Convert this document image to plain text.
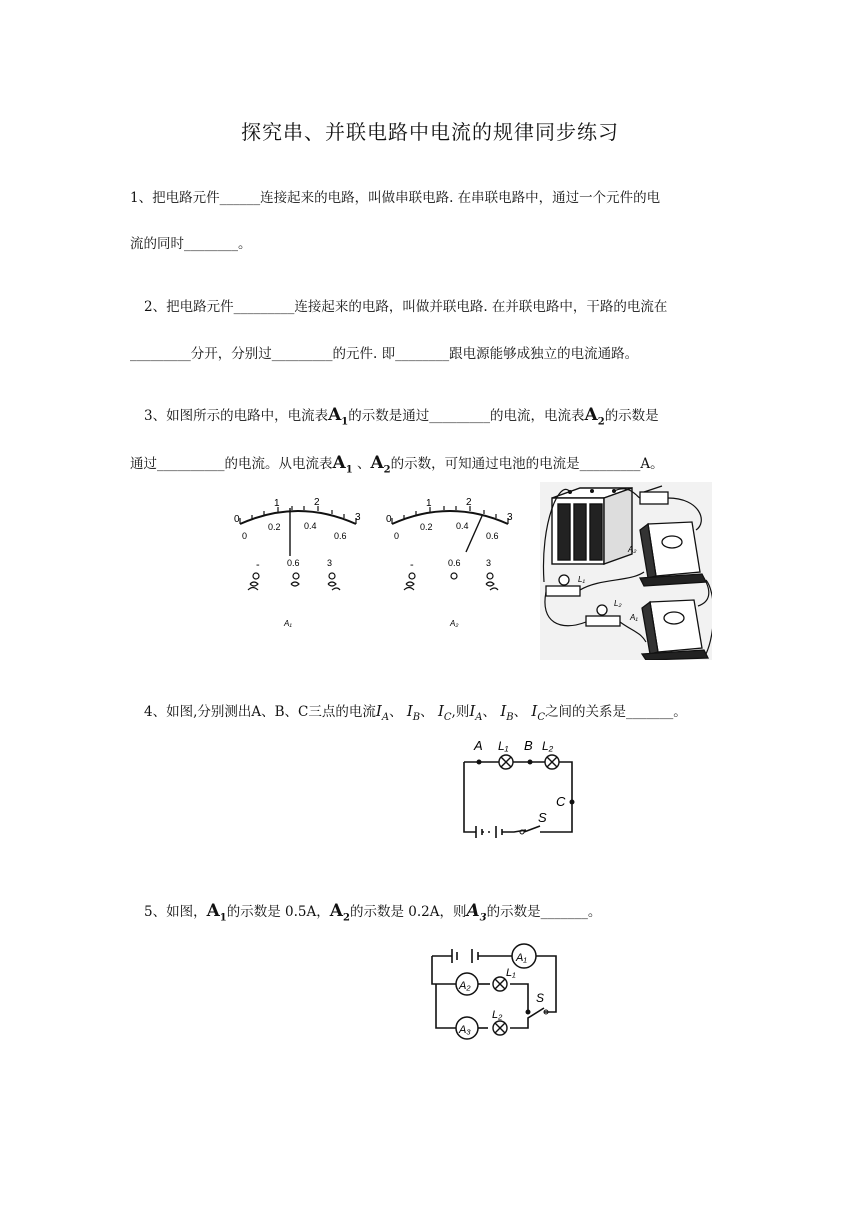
探究串、并联电路中电流的规律同步练习
1、把电路元件______连接起来的电路，叫做串联电路. 在串联电路中，通过一个元件的电
流的同时________。
2、把电路元件_________连接起来的电路，叫做并联电路. 在并联电路中，干路的电流在
_________分开，分别过_________的元件. 即________跟电源能够成独立的电流通路。
3、如图所示的电路中，电流表$A_1$的示数是通过_________的电流，电流表$A_2$的示数是
通过__________的电流。从电流表$A_1$ 、$A_2$的示数，可知通过电池的电流是_________A。
0
1	2
3
0
0.2	0.4
0.6
-	0.6	3
A₁
0
1	2
3
0
0.2	0.4
0.6
-	0.6	3
A₂
A₂
L₁
L₂
A₁
4、如图,分别测出A、B、C三点的电流$I_A$、 $I_B$、 $I_C$,则$I_A$、 $I_B$、 $I_C$之间的关系是_______。
A L₁ B L₂
C
S
5、如图，$A_1$的示数是 0.5A，$A_2$的示数是 0.2A，则$A_3$的示数是_______。
A₁
A₂
A₃
L₁
L₂
S
